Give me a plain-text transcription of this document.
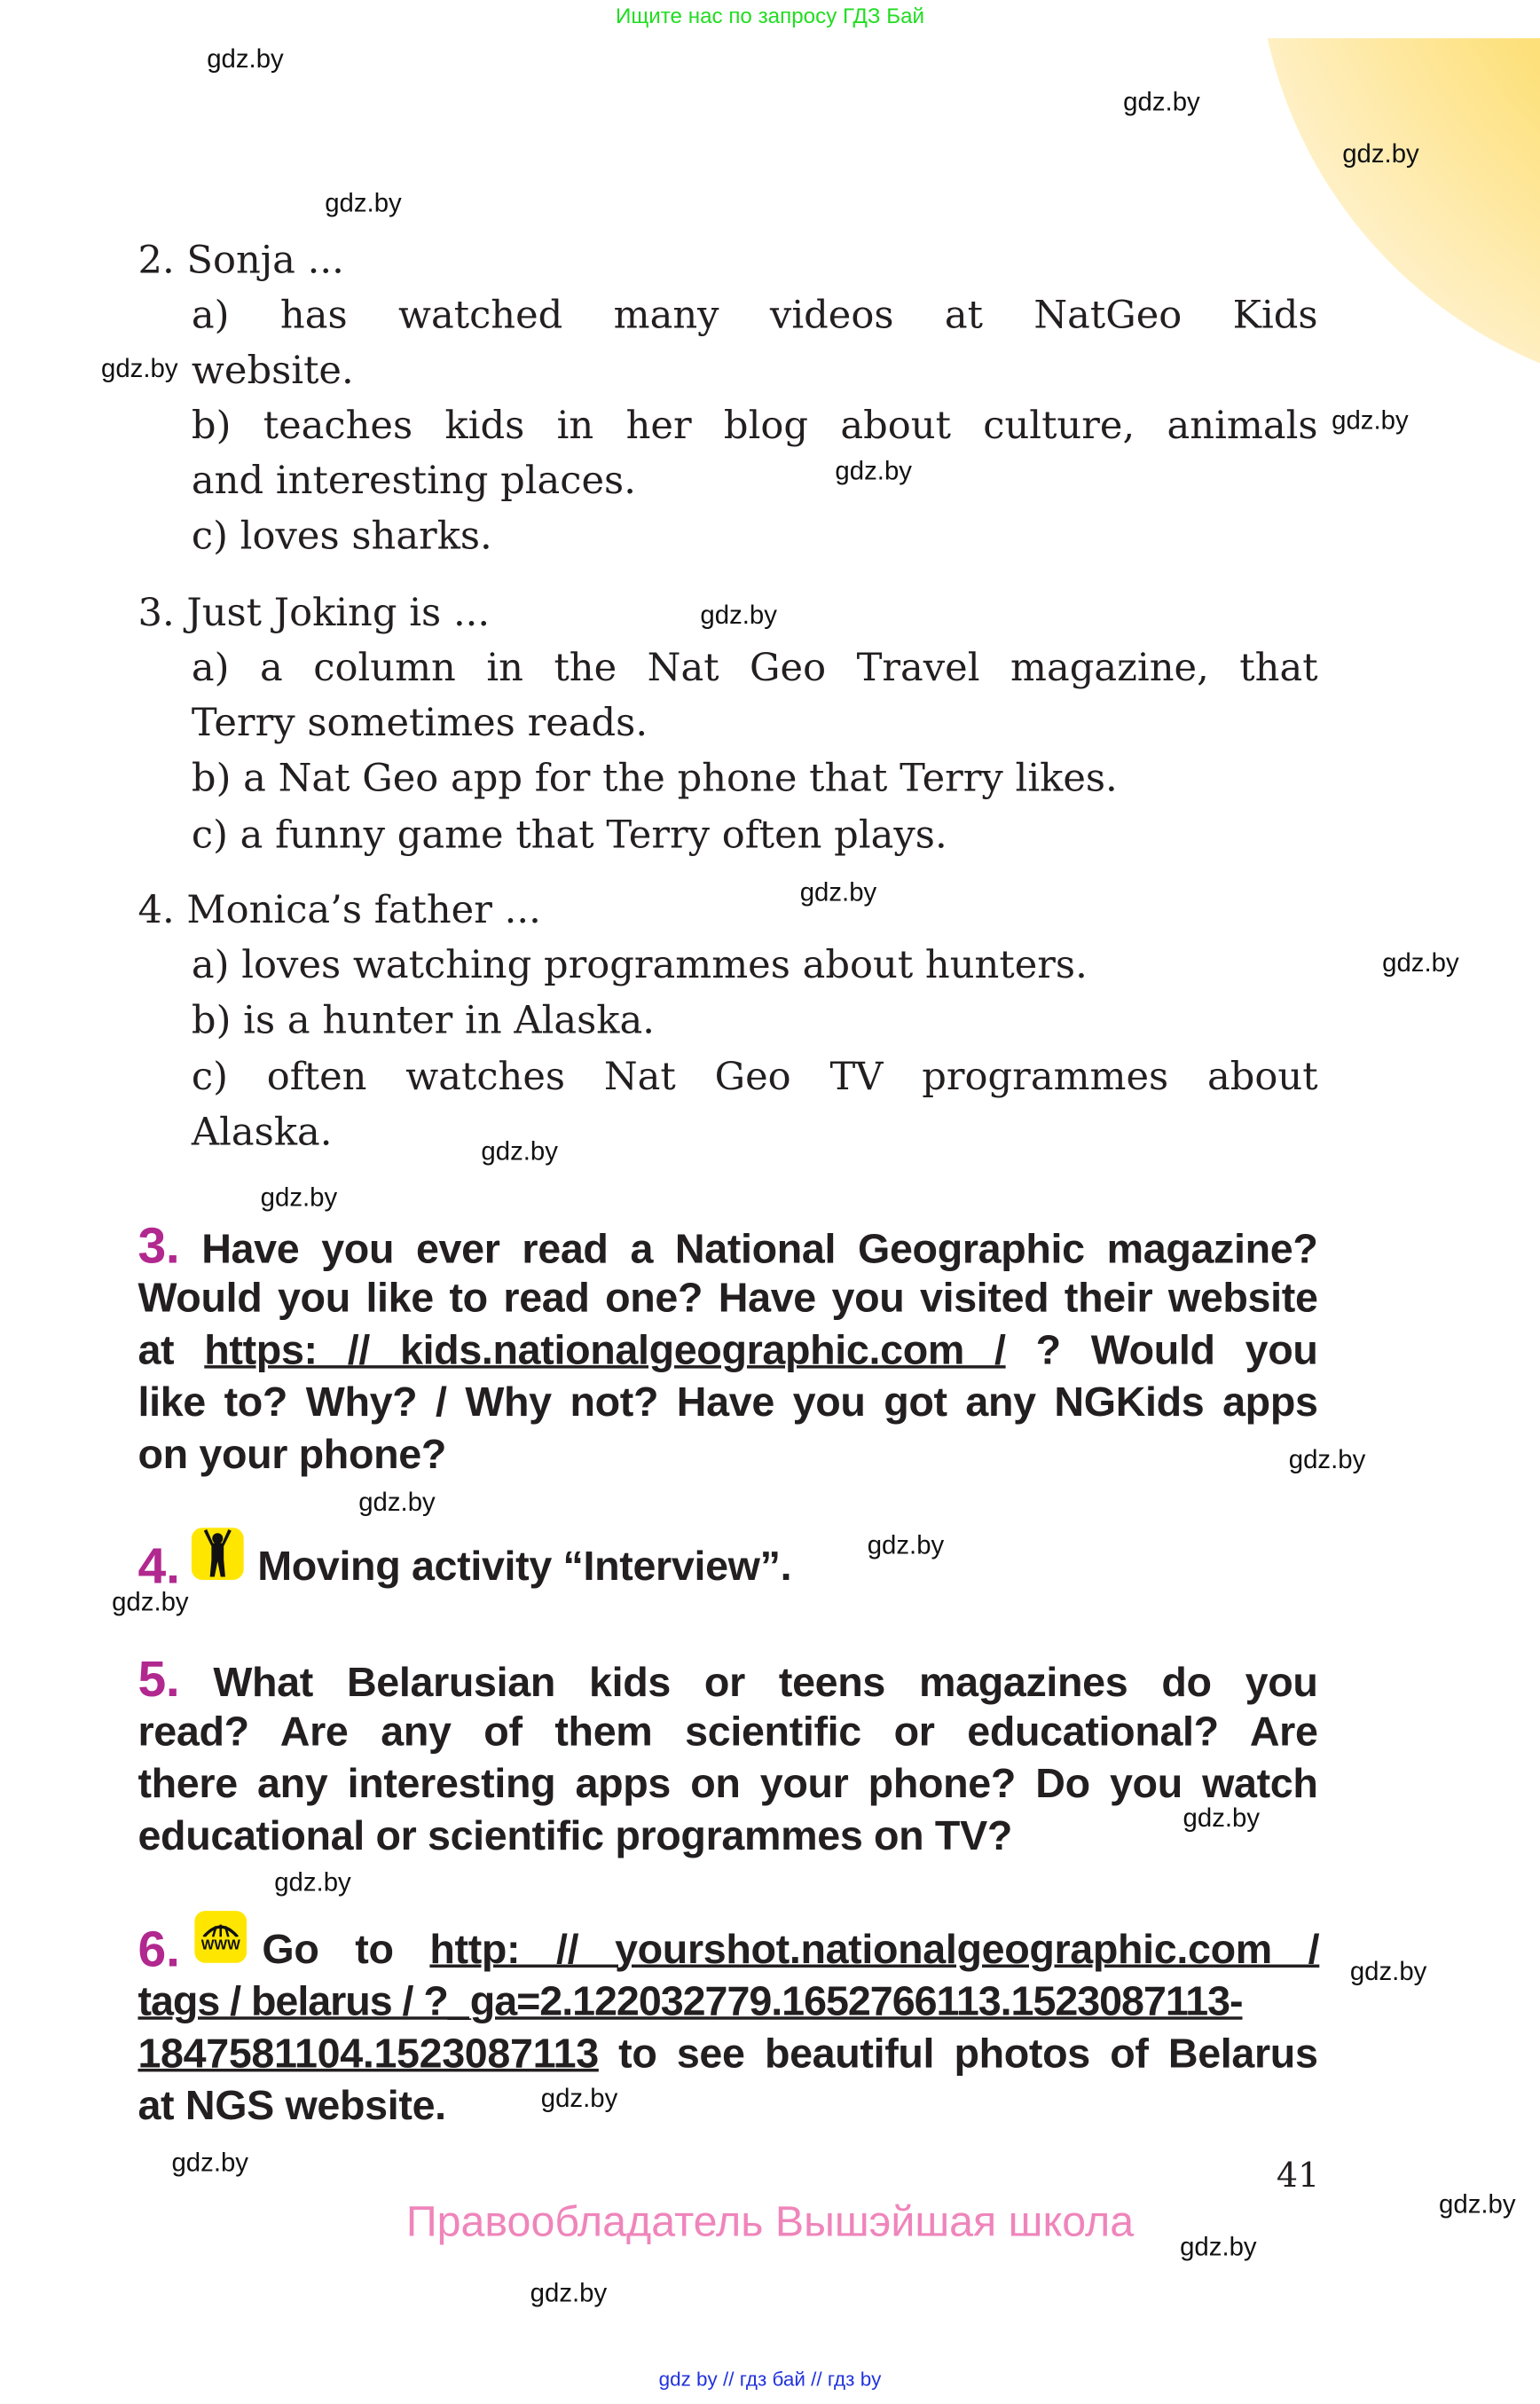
Ищите нас по запросу ГДЗ Бай
2. Sonja ...
a) has watched many videos at NatGeo Kids
website.
b) teaches kids in her blog about culture, animals
and interesting places.
c) loves sharks.
3. Just Joking is ...
a) a column in the Nat Geo Travel magazine, that
Terry sometimes reads.
b) a Nat Geo app for the phone that Terry likes.
c) a funny game that Terry often plays.
4. Monica’s father ...
a) loves watching programmes about hunters.
b) is a hunter in Alaska.
c) often watches Nat Geo TV programmes about
Alaska.
3. Have you ever read a National Geographic magazine?
Would you like to read one? Have you visited their website
at https: // kids.nationalgeographic.com / ? Would you
like to? Why? / Why not? Have you got any NGKids apps
on your phone?
4.	Moving activity “Interview”.
5. What Belarusian kids or teens magazines do you
read? Are any of them scientific or educational? Are
there any interesting apps on your phone? Do you watch
educational or scientific programmes on TV?
6.	WWW Go to http: // yourshot.nationalgeographic.com /
tags / belarus / ?_ga=2.122032779.1652766113.1523087113-
1847581104.1523087113 to see beautiful photos of Belarus
at NGS website.
41
Правообладатель Вышэйшая школа
gdz by // гдз бай // гдз by
gdz.by
gdz.by
gdz.by
gdz.by
gdz.by
gdz.by
gdz.by
gdz.by
gdz.by
gdz.by
gdz.by
gdz.by
gdz.by
gdz.by
gdz.by
gdz.by
gdz.by
gdz.by
gdz.by
gdz.by
gdz.by
gdz.by
gdz.by
gdz.by
